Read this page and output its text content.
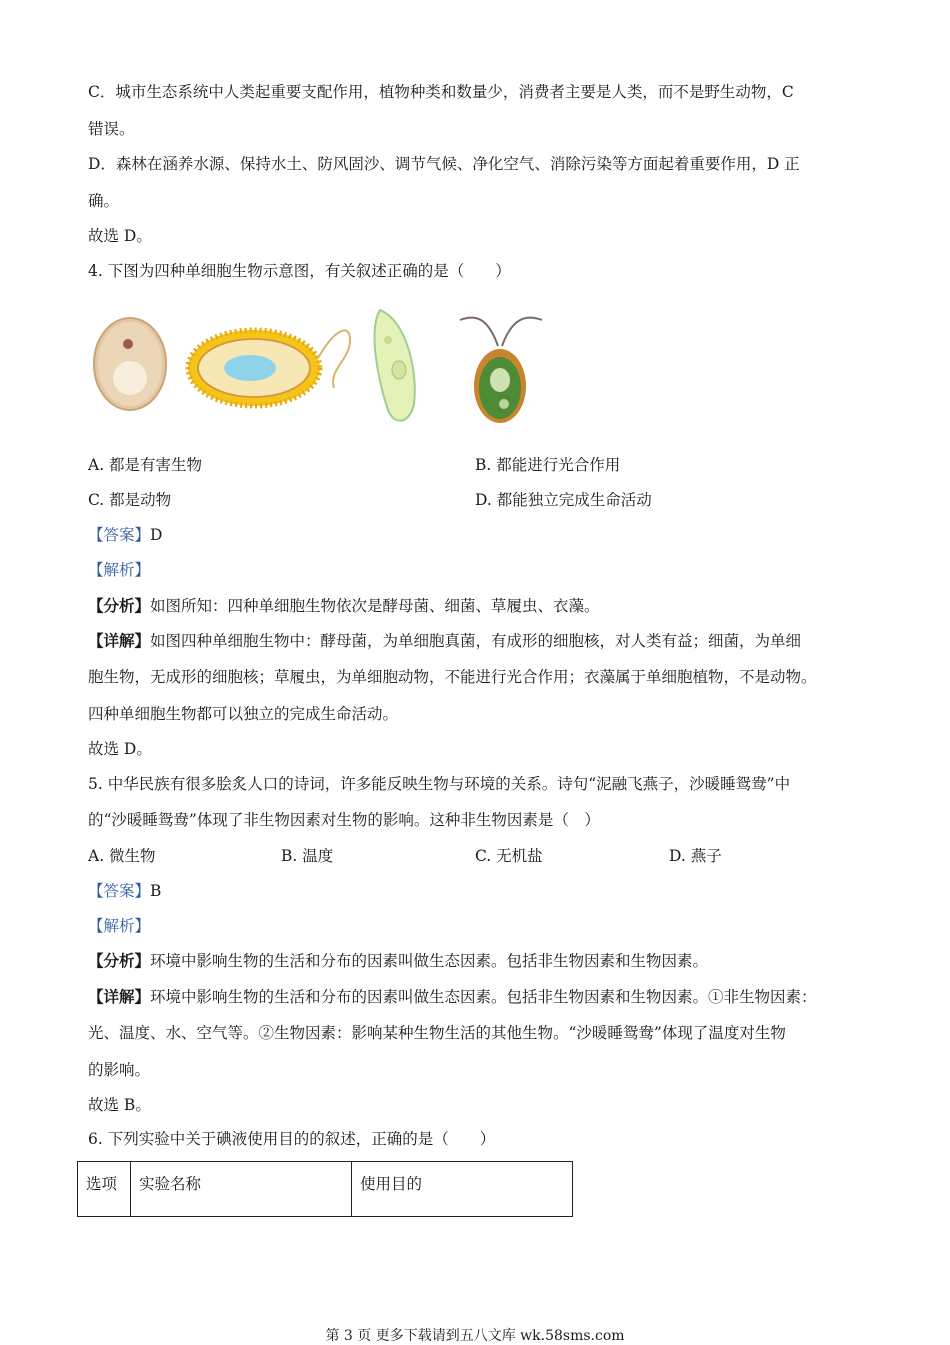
C．城市生态系统中人类起重要支配作用，植物种类和数量少，消费者主要是人类，而不是野生动物，C
错误。
D．森林在涵养水源、保持水土、防风固沙、调节气候、净化空气、消除污染等方面起着重要作用，D 正
确。
故选 D。
4. 下图为四种单细胞生物示意图，有关叙述正确的是（　　）
A. 都是有害生物	B. 都能进行光合作用
C. 都是动物	D. 都能独立完成生命活动
【答案】D
【解析】
【分析】如图所知：四种单细胞生物依次是酵母菌、细菌、草履虫、衣藻。
【详解】如图四种单细胞生物中：酵母菌，为单细胞真菌，有成形的细胞核，对人类有益；细菌，为单细
胞生物，无成形的细胞核；草履虫，为单细胞动物，不能进行光合作用；衣藻属于单细胞植物，不是动物。
四种单细胞生物都可以独立的完成生命活动。
故选 D。
5. 中华民族有很多脍炙人口的诗词，许多能反映生物与环境的关系。诗句“泥融飞燕子，沙暖睡鸳鸯”中
的“沙暖睡鸳鸯”体现了非生物因素对生物的影响。这种非生物因素是（　）
A. 微生物	B. 温度	C. 无机盐	D. 燕子
【答案】B
【解析】
【分析】环境中影响生物的生活和分布的因素叫做生态因素。包括非生物因素和生物因素。
【详解】环境中影响生物的生活和分布的因素叫做生态因素。包括非生物因素和生物因素。①非生物因素：
光、温度、水、空气等。②生物因素：影响某种生物生活的其他生物。“沙暖睡鸳鸯”体现了温度对生物
的影响。
故选 B。
6. 下列实验中关于碘液使用目的的叙述，正确的是（　　）
选项	实验名称	使用目的
第 3 页 更多下载请到五八文库 wk.58sms.com
